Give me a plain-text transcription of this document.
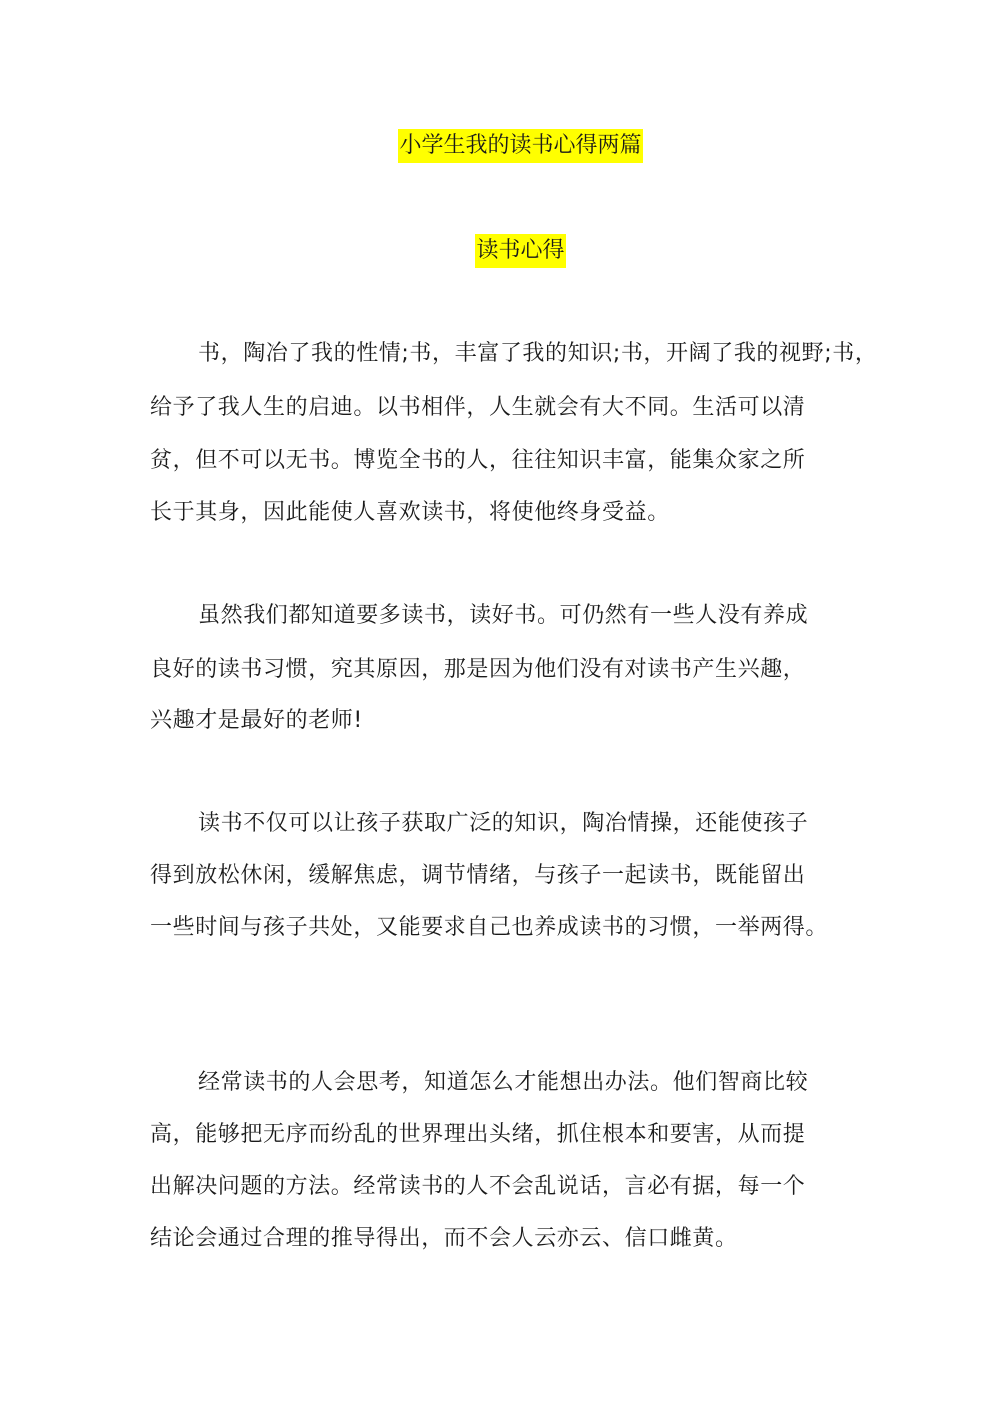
小学生我的读书心得两篇
读书心得
书，陶冶了我的性情;书，丰富了我的知识;书，开阔了我的视野;书，
给予了我人生的启迪。以书相伴，人生就会有大不同。生活可以清
贫，但不可以无书。博览全书的人，往往知识丰富，能集众家之所
长于其身，因此能使人喜欢读书，将使他终身受益。
虽然我们都知道要多读书，读好书。可仍然有一些人没有养成
良好的读书习惯，究其原因，那是因为他们没有对读书产生兴趣，
兴趣才是最好的老师!
读书不仅可以让孩子获取广泛的知识，陶冶情操，还能使孩子
得到放松休闲，缓解焦虑，调节情绪，与孩子一起读书，既能留出
一些时间与孩子共处，又能要求自己也养成读书的习惯，一举两得。
经常读书的人会思考，知道怎么才能想出办法。他们智商比较
高，能够把无序而纷乱的世界理出头绪，抓住根本和要害，从而提
出解决问题的方法。经常读书的人不会乱说话，言必有据，每一个
结论会通过合理的推导得出，而不会人云亦云、信口雌黄。
